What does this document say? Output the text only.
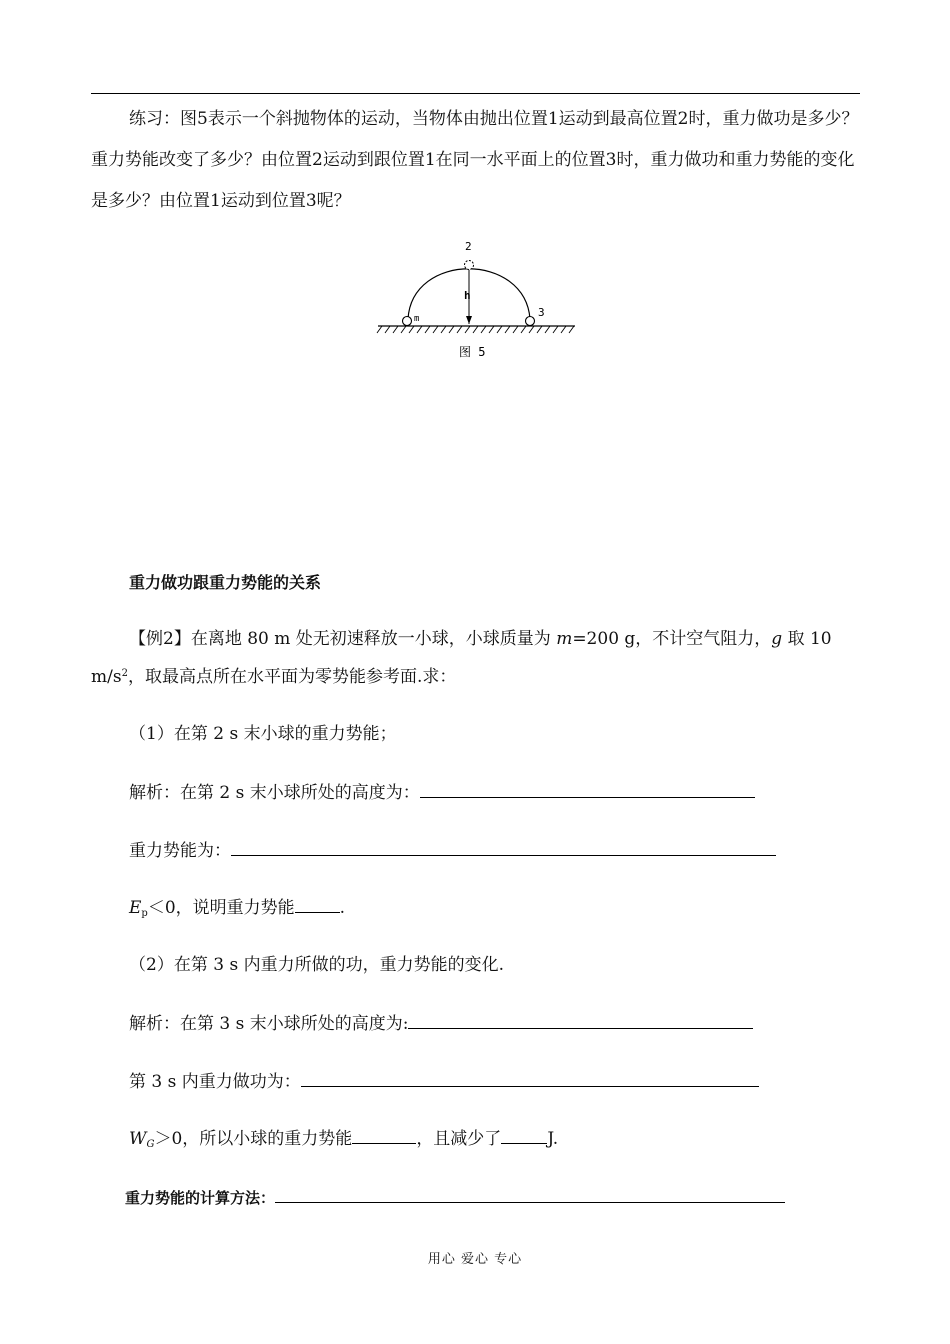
练习：图5表示一个斜抛物体的运动，当物体由抛出位置1运动到最高位置2时，重力做功是多少？重力势能改变了多少？由位置2运动到跟位置1在同一水平面上的位置3时，重力做功和重力势能的变化是多少？由位置1运动到位置3呢？
2
3
m
h
图 5
重力做功跟重力势能的关系
【例2】在离地 80 m 处无初速释放一小球，小球质量为 m=200 g，不计空气阻力，g 取 10
$m/s^2$，取最高点所在水平面为零势能参考面.求：
（1）在第 2 s 末小球的重力势能；
解析：在第 2 s 末小球所处的高度为：
重力势能为：
$E_p<0$，说明重力势能	.
（2）在第 3 s 内重力所做的功，重力势能的变化.
解析：在第 3 s 末小球所处的高度为:
第 3 s 内重力做功为：
$W_G>0$，所以小球的重力势能	，且减少了	J.
重力势能的计算方法：
用心 爱心 专心
